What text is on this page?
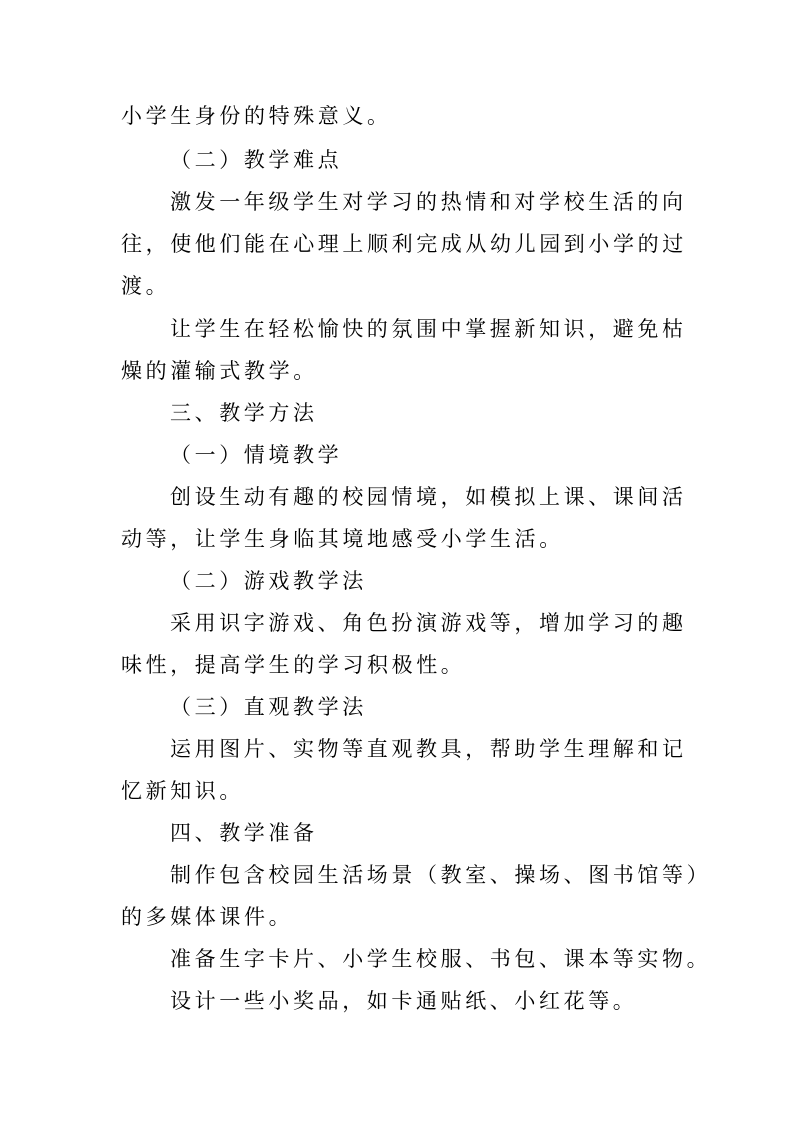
小学生身份的特殊意义。
（二）教学难点
激发一年级学生对学习的热情和对学校生活的向
往，使他们能在心理上顺利完成从幼儿园到小学的过
渡。
让学生在轻松愉快的氛围中掌握新知识，避免枯
燥的灌输式教学。
三、教学方法
（一）情境教学
创设生动有趣的校园情境，如模拟上课、课间活
动等，让学生身临其境地感受小学生活。
（二）游戏教学法
采用识字游戏、角色扮演游戏等，增加学习的趣
味性，提高学生的学习积极性。
（三）直观教学法
运用图片、实物等直观教具，帮助学生理解和记
忆新知识。
四、教学准备
制作包含校园生活场景（教室、操场、图书馆等）
的多媒体课件。
准备生字卡片、小学生校服、书包、课本等实物。
设计一些小奖品，如卡通贴纸、小红花等。
